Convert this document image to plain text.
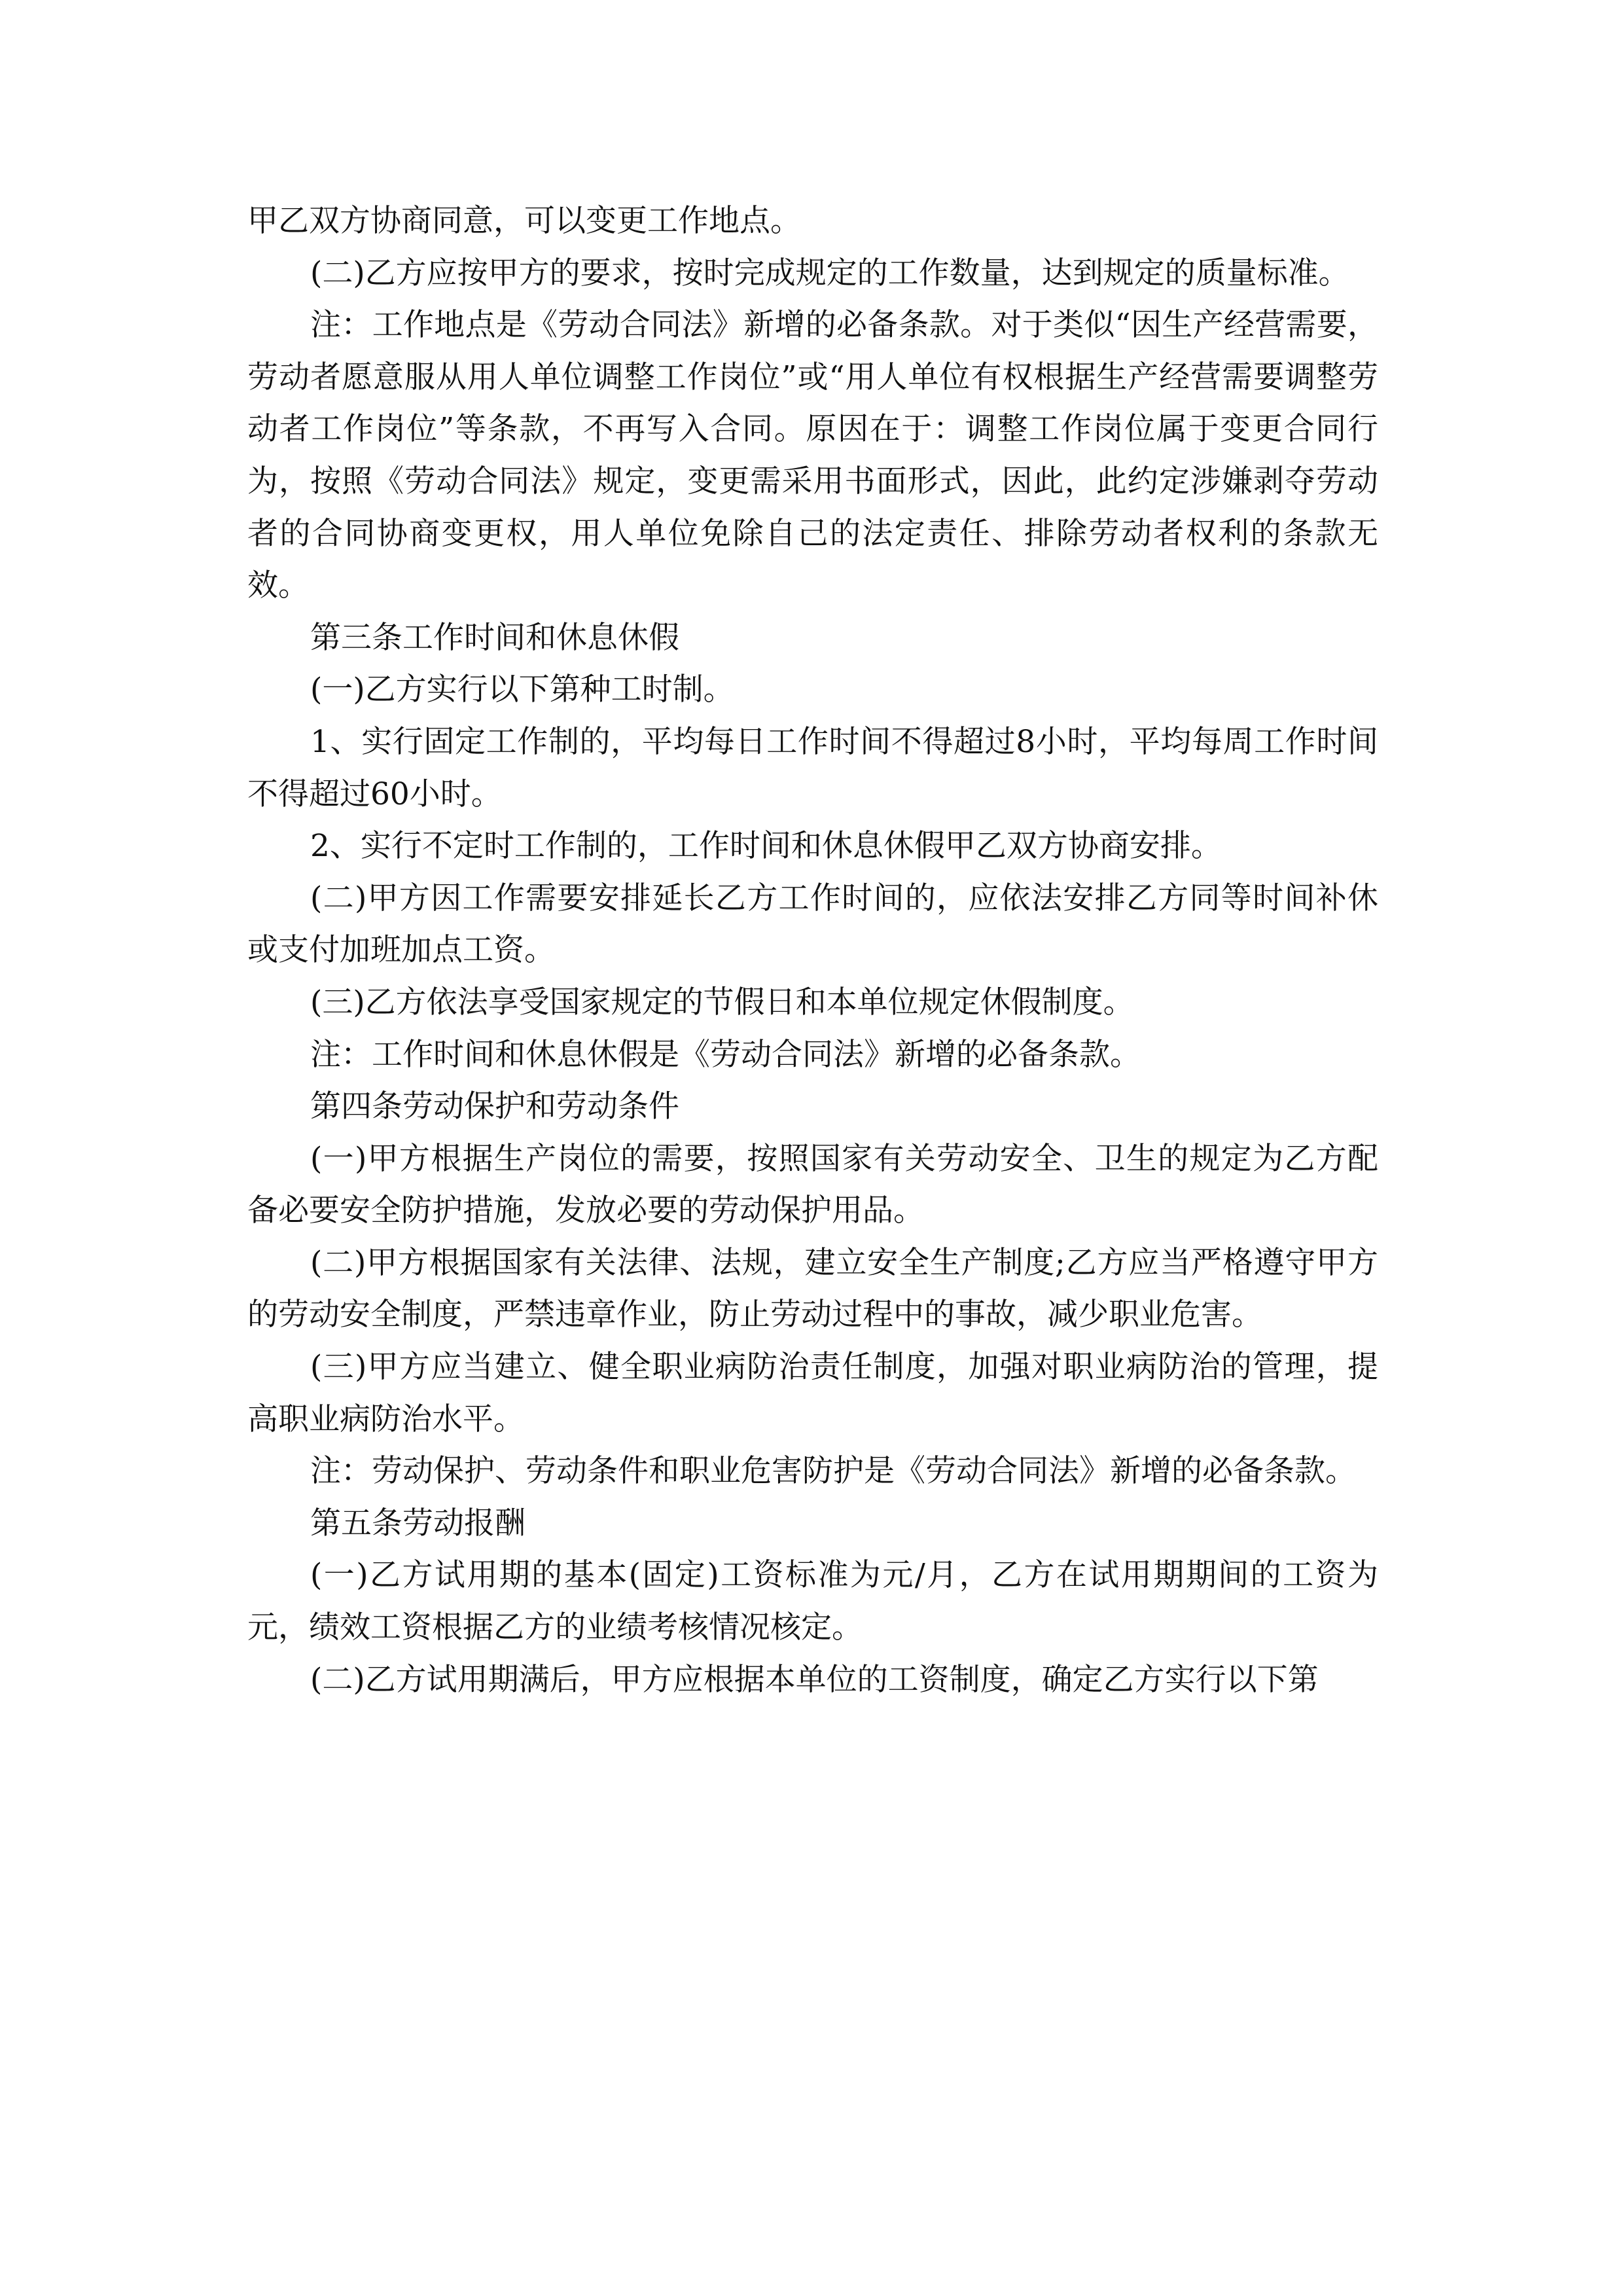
甲乙双方协商同意，可以变更工作地点。

(二)乙方应按甲方的要求，按时完成规定的工作数量，达到规定的质量标准。

注：工作地点是《劳动合同法》新增的必备条款。对于类似“因生产经营需要，劳动者愿意服从用人单位调整工作岗位”或“用人单位有权根据生产经营需要调整劳动者工作岗位”等条款，不再写入合同。原因在于：调整工作岗位属于变更合同行为，按照《劳动合同法》规定，变更需采用书面形式，因此，此约定涉嫌剥夺劳动者的合同协商变更权，用人单位免除自己的法定责任、排除劳动者权利的条款无效。

第三条工作时间和休息休假

(一)乙方实行以下第种工时制。

1、实行固定工作制的，平均每日工作时间不得超过8小时，平均每周工作时间不得超过60小时。

2、实行不定时工作制的，工作时间和休息休假甲乙双方协商安排。

(二)甲方因工作需要安排延长乙方工作时间的，应依法安排乙方同等时间补休或支付加班加点工资。

(三)乙方依法享受国家规定的节假日和本单位规定休假制度。

注：工作时间和休息休假是《劳动合同法》新增的必备条款。

第四条劳动保护和劳动条件

(一)甲方根据生产岗位的需要，按照国家有关劳动安全、卫生的规定为乙方配备必要安全防护措施，发放必要的劳动保护用品。

(二)甲方根据国家有关法律、法规，建立安全生产制度;乙方应当严格遵守甲方的劳动安全制度，严禁违章作业，防止劳动过程中的事故，减少职业危害。

(三)甲方应当建立、健全职业病防治责任制度，加强对职业病防治的管理，提高职业病防治水平。

注：劳动保护、劳动条件和职业危害防护是《劳动合同法》新增的必备条款。

第五条劳动报酬

(一)乙方试用期的基本(固定)工资标准为元/月，乙方在试用期期间的工资为元，绩效工资根据乙方的业绩考核情况核定。

(二)乙方试用期满后，甲方应根据本单位的工资制度，确定乙方实行以下第
